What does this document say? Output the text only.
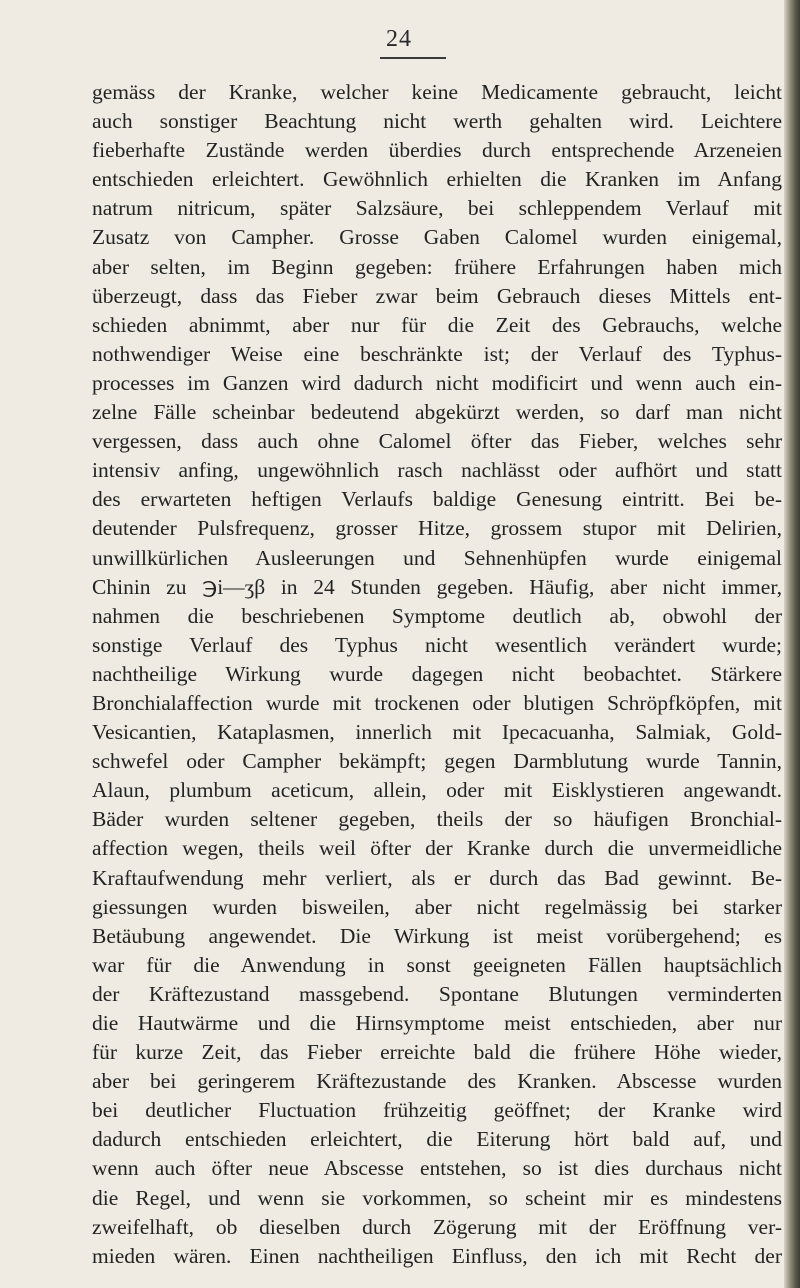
24
gemäss der Kranke, welcher keine Medicamente gebraucht, leicht
auch sonstiger Beachtung nicht werth gehalten wird. Leichtere
fieberhafte Zustände werden überdies durch entsprechende Arzeneien
entschieden erleichtert. Gewöhnlich erhielten die Kranken im Anfang
natrum nitricum, später Salzsäure, bei schleppendem Verlauf mit
Zusatz von Campher. Grosse Gaben Calomel wurden einigemal,
aber selten, im Beginn gegeben: frühere Erfahrungen haben mich
überzeugt, dass das Fieber zwar beim Gebrauch dieses Mittels ent-
schieden abnimmt, aber nur für die Zeit des Gebrauchs, welche
nothwendiger Weise eine beschränkte ist; der Verlauf des Typhus-
processes im Ganzen wird dadurch nicht modificirt und wenn auch ein-
zelne Fälle scheinbar bedeutend abgekürzt werden, so darf man nicht
vergessen, dass auch ohne Calomel öfter das Fieber, welches sehr
intensiv anfing, ungewöhnlich rasch nachlässt oder aufhört und statt
des erwarteten heftigen Verlaufs baldige Genesung eintritt. Bei be-
deutender Pulsfrequenz, grosser Hitze, grossem stupor mit Delirien,
unwillkürlichen Ausleerungen und Sehnenhüpfen wurde einigemal
Chinin zu ℈i—ʒβ in 24 Stunden gegeben. Häufig, aber nicht immer,
nahmen die beschriebenen Symptome deutlich ab, obwohl der
sonstige Verlauf des Typhus nicht wesentlich verändert wurde;
nachtheilige Wirkung wurde dagegen nicht beobachtet. Stärkere
Bronchialaffection wurde mit trockenen oder blutigen Schröpfköpfen, mit
Vesicantien, Kataplasmen, innerlich mit Ipecacuanha, Salmiak, Gold-
schwefel oder Campher bekämpft; gegen Darmblutung wurde Tannin,
Alaun, plumbum aceticum, allein, oder mit Eisklystieren angewandt.
Bäder wurden seltener gegeben, theils der so häufigen Bronchial-
affection wegen, theils weil öfter der Kranke durch die unvermeidliche
Kraftaufwendung mehr verliert, als er durch das Bad gewinnt. Be-
giessungen wurden bisweilen, aber nicht regelmässig bei starker
Betäubung angewendet. Die Wirkung ist meist vorübergehend; es
war für die Anwendung in sonst geeigneten Fällen hauptsächlich
der Kräftezustand massgebend. Spontane Blutungen verminderten
die Hautwärme und die Hirnsymptome meist entschieden, aber nur
für kurze Zeit, das Fieber erreichte bald die frühere Höhe wieder,
aber bei geringerem Kräftezustande des Kranken. Abscesse wurden
bei deutlicher Fluctuation frühzeitig geöffnet; der Kranke wird
dadurch entschieden erleichtert, die Eiterung hört bald auf, und
wenn auch öfter neue Abscesse entstehen, so ist dies durchaus nicht
die Regel, und wenn sie vorkommen, so scheint mir es mindestens
zweifelhaft, ob dieselben durch Zögerung mit der Eröffnung ver-
mieden wären. Einen nachtheiligen Einfluss, den ich mit Recht der
